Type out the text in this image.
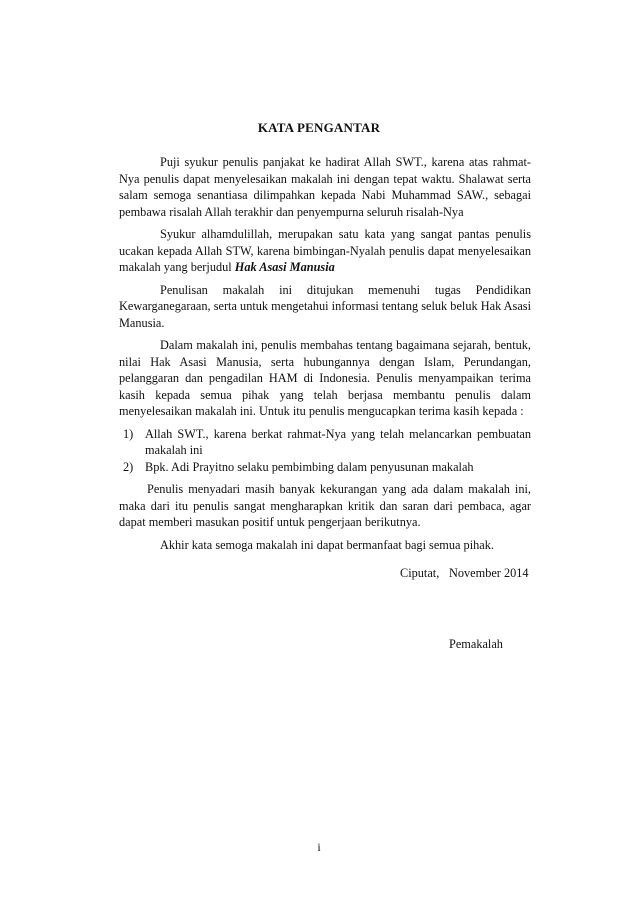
KATA PENGANTAR

Puji syukur penulis panjakat ke hadirat Allah SWT., karena atas rahmat-Nya penulis dapat menyelesaikan makalah ini dengan tepat waktu. Shalawat serta salam semoga senantiasa dilimpahkan kepada Nabi Muhammad SAW., sebagai pembawa risalah Allah terakhir dan penyempurna seluruh risalah-Nya

Syukur alhamdulillah, merupakan satu kata yang sangat pantas penulis ucakan kepada Allah STW, karena bimbingan-Nyalah penulis dapat menyelesaikan makalah yang berjudul Hak Asasi Manusia

Penulisan makalah ini ditujukan memenuhi tugas Pendidikan Kewarganegaraan, serta untuk mengetahui informasi tentang seluk beluk Hak Asasi Manusia.

Dalam makalah ini, penulis membahas tentang bagaimana sejarah, bentuk, nilai Hak Asasi Manusia, serta hubungannya dengan Islam, Perundangan, pelanggaran dan pengadilan HAM di Indonesia. Penulis menyampaikan terima kasih kepada semua pihak yang telah berjasa membantu penulis dalam menyelesaikan makalah ini. Untuk itu penulis mengucapkan terima kasih kepada :

1) Allah SWT., karena berkat rahmat-Nya yang telah melancarkan pembuatan makalah ini
2) Bpk. Adi Prayitno selaku pembimbing dalam penyusunan makalah

Penulis menyadari masih banyak kekurangan yang ada dalam makalah ini, maka dari itu penulis sangat mengharapkan kritik dan saran dari pembaca, agar dapat memberi masukan positif untuk pengerjaan berikutnya.

Akhir kata semoga makalah ini dapat bermanfaat bagi semua pihak.

Ciputat, November 2014
Pemakalah
i
